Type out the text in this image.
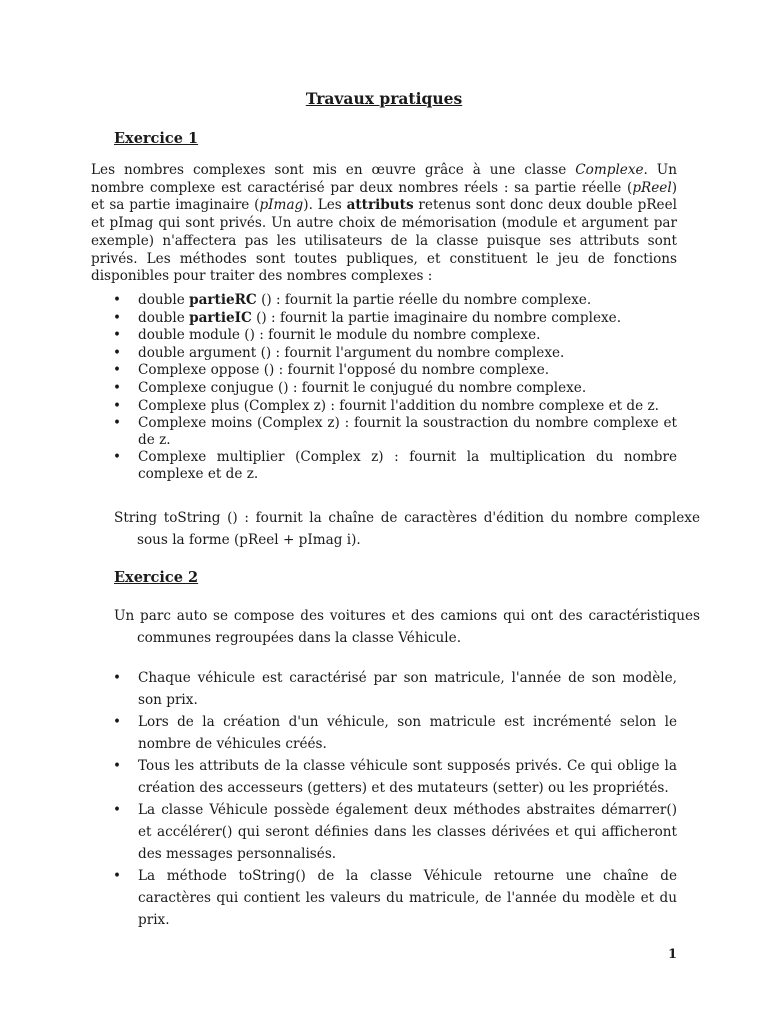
Travaux pratiques
Exercice 1

Les nombres complexes sont mis en œuvre grâce à une classe Complexe. Un nombre complexe est caractérisé par deux nombres réels : sa partie réelle (pReel) et sa partie imaginaire (pImag). Les attributs retenus sont donc deux double pReel et pImag qui sont privés. Un autre choix de mémorisation (module et argument par exemple) n'affectera pas les utilisateurs de la classe puisque ses attributs sont privés. Les méthodes sont toutes publiques, et constituent le jeu de fonctions disponibles pour traiter des nombres complexes :

• double partieRC () : fournit la partie réelle du nombre complexe.
• double partieIC () : fournit la partie imaginaire du nombre complexe.
• double module () : fournit le module du nombre complexe.
• double argument () : fournit l'argument du nombre complexe.
• Complexe oppose () : fournit l'opposé du nombre complexe.
• Complexe conjugue () : fournit le conjugué du nombre complexe.
• Complexe plus (Complex z) : fournit l'addition du nombre complexe et de z.
• Complexe moins (Complex z) : fournit la soustraction du nombre complexe et de z.
• Complexe multiplier (Complex z) : fournit la multiplication du nombre complexe et de z.

String toString () : fournit la chaîne de caractères d'édition du nombre complexe sous la forme (pReel + pImag i).

Exercice 2

Un parc auto se compose des voitures et des camions qui ont des caractéristiques communes regroupées dans la classe Véhicule.

• Chaque véhicule est caractérisé par son matricule, l'année de son modèle, son prix.
• Lors de la création d'un véhicule, son matricule est incrémenté selon le nombre de véhicules créés.
• Tous les attributs de la classe véhicule sont supposés privés. Ce qui oblige la création des accesseurs (getters) et des mutateurs (setter) ou les propriétés.
• La classe Véhicule possède également deux méthodes abstraites démarrer() et accélérer() qui seront définies dans les classes dérivées et qui afficheront des messages personnalisés.
• La méthode toString() de la classe Véhicule retourne une chaîne de caractères qui contient les valeurs du matricule, de l'année du modèle et du prix.
1
